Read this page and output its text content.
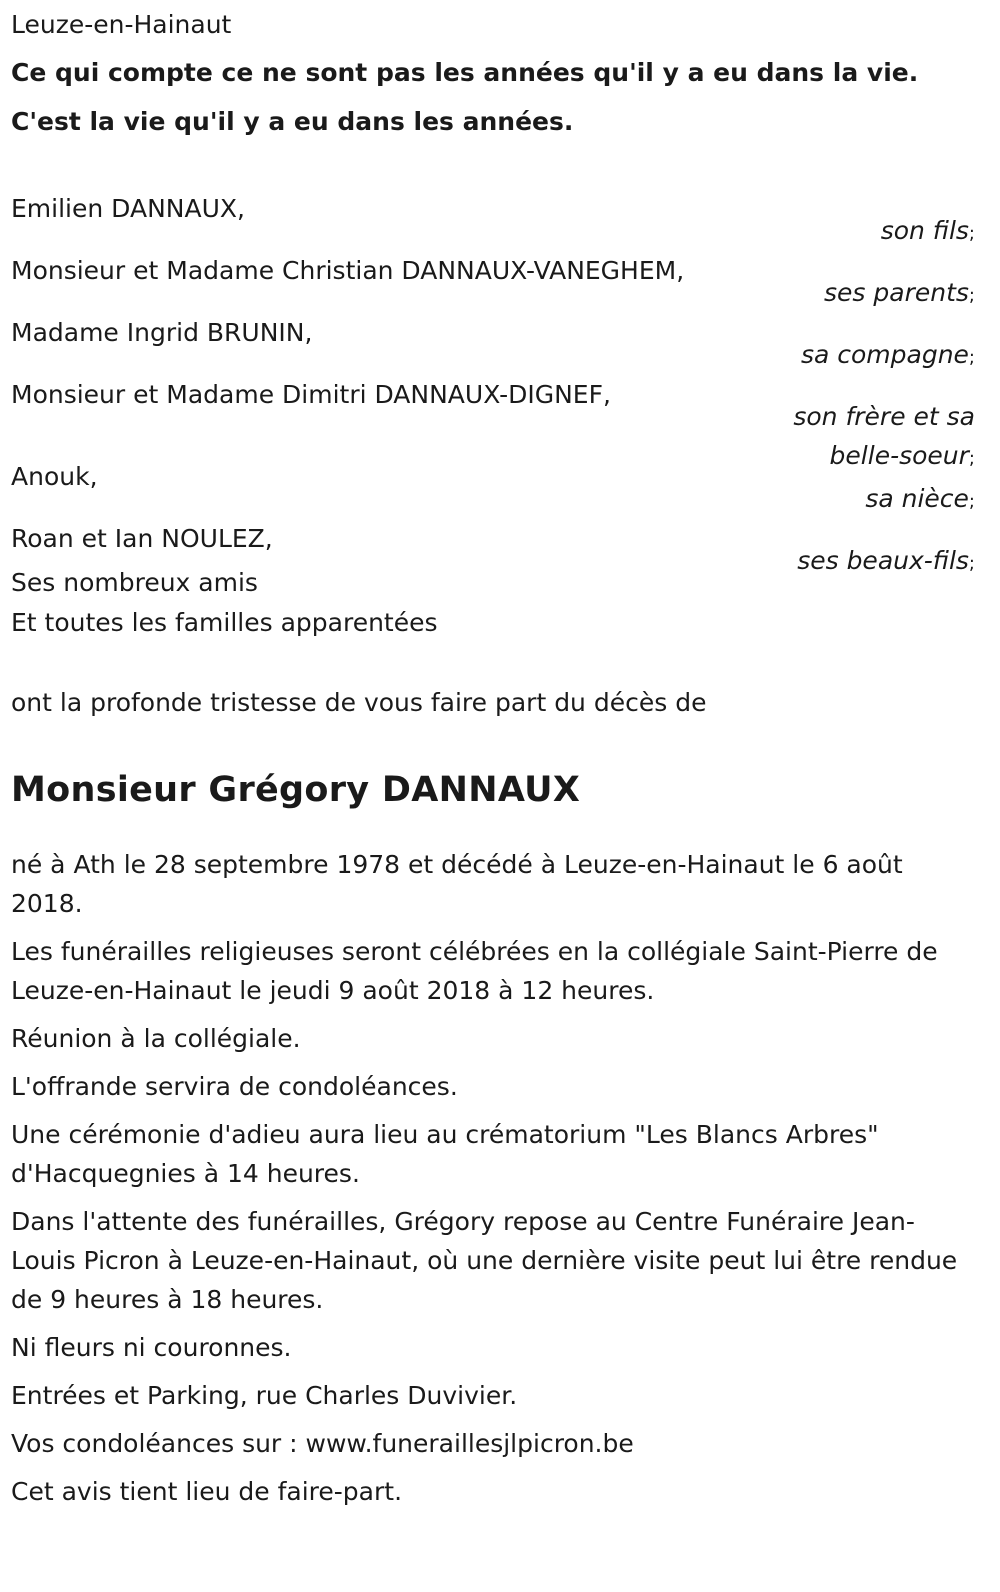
Leuze-en-Hainaut

Ce qui compte ce ne sont pas les années qu'il y a eu dans la vie.

C'est la vie qu'il y a eu dans les années.

Emilien DANNAUX,
son fils;
Monsieur et Madame Christian DANNAUX-VANEGHEM,
ses parents;
Madame Ingrid BRUNIN,
sa compagne;
Monsieur et Madame Dimitri DANNAUX-DIGNEF,
son frère et sa belle-soeur;
Anouk,
sa nièce;
Roan et Ian NOULEZ,
ses beaux-fils;
Ses nombreux amis
Et toutes les familles apparentées
ont la profonde tristesse de vous faire part du décès de
Monsieur Grégory DANNAUX

né à Ath le 28 septembre 1978 et décédé à Leuze-en-Hainaut le 6 août 2018.

Les funérailles religieuses seront célébrées en la collégiale Saint-Pierre de Leuze-en-Hainaut le jeudi 9 août 2018 à 12 heures.

Réunion à la collégiale.

L'offrande servira de condoléances.

Une cérémonie d'adieu aura lieu au crématorium "Les Blancs Arbres" d'Hacquegnies à 14 heures.

Dans l'attente des funérailles, Grégory repose au Centre Funéraire Jean-Louis Picron à Leuze-en-Hainaut, où une dernière visite peut lui être rendue de 9 heures à 18 heures.

Ni fleurs ni couronnes.

Entrées et Parking, rue Charles Duvivier.

Vos condoléances sur : www.funeraillesjlpicron.be

Cet avis tient lieu de faire-part.
